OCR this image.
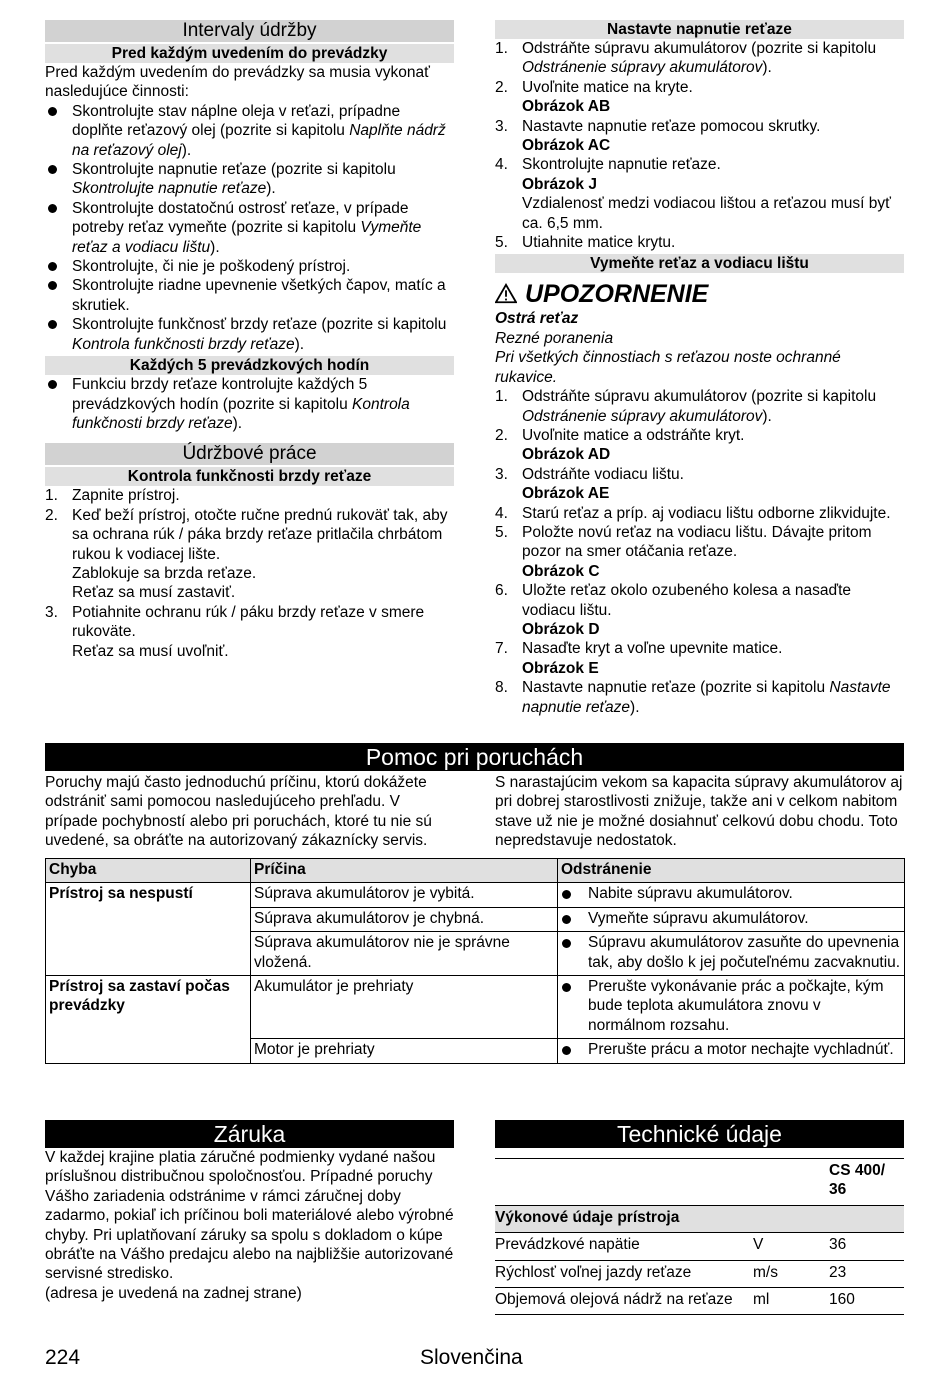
Intervaly údržby
Pred každým uvedením do prevádzky

Pred každým uvedením do prevádzky sa musia vykonať nasledujúce činnosti:

Skontrolujte stav náplne oleja v reťazi, prípadne doplňte reťazový olej (pozrite si kapitolu Naplňte nádrž na reťazový olej).
Skontrolujte napnutie reťaze (pozrite si kapitolu Skontrolujte napnutie reťaze).
Skontrolujte dostatočnú ostrosť reťaze, v prípade potreby reťaz vymeňte (pozrite si kapitolu Vymeňte reťaz a vodiacu lištu).
Skontrolujte, či nie je poškodený prístroj.
Skontrolujte riadne upevnenie všetkých čapov, matíc a skrutiek.
Skontrolujte funkčnosť brzdy reťaze (pozrite si kapitolu Kontrola funkčnosti brzdy reťaze).
Každých 5 prevádzkových hodín
Funkciu brzdy reťaze kontrolujte každých 5 prevádzkových hodín (pozrite si kapitolu Kontrola funkčnosti brzdy reťaze).
Údržbové práce
Kontrola funkčnosti brzdy reťaze
1. Zapnite prístroj.
2. Keď beží prístroj, otočte ručne prednú rukoväť tak, aby sa ochrana rúk / páka brzdy reťaze pritlačila chrbátom rukou k vodiacej lište.
Zablokuje sa brzda reťaze.
Reťaz sa musí zastaviť.
3. Potiahnite ochranu rúk / páku brzdy reťaze v smere rukoväte.
Reťaz sa musí uvoľniť.
Nastavte napnutie reťaze
1. Odstráňte súpravu akumulátorov (pozrite si kapitolu Odstránenie súpravy akumulátorov).
2. Uvoľnite matice na kryte.
Obrázok AB
3. Nastavte napnutie reťaze pomocou skrutky.
Obrázok AC
4. Skontrolujte napnutie reťaze.
Obrázok J
Vzdialenosť medzi vodiacou lištou a reťazou musí byť ca. 6,5 mm.
5. Utiahnite matice krytu.
Vymeňte reťaz a vodiacu lištu
UPOZORNENIE
Ostrá reťaz
Rezné poranenia
Pri všetkých činnostiach s reťazou noste ochranné rukavice.
1. Odstráňte súpravu akumulátorov (pozrite si kapitolu Odstránenie súpravy akumulátorov).
2. Uvoľnite matice a odstráňte kryt.
Obrázok AD
3. Odstráňte vodiacu lištu.
Obrázok AE
4. Starú reťaz a príp. aj vodiacu lištu odborne zlikvidujte.
5. Položte novú reťaz na vodiacu lištu. Dávajte pritom pozor na smer otáčania reťaze.
Obrázok C
6. Uložte reťaz okolo ozubeného kolesa a nasaďte vodiacu lištu.
Obrázok D
7. Nasaďte kryt a voľne upevnite matice.
Obrázok E
8. Nastavte napnutie reťaze (pozrite si kapitolu Nastavte napnutie reťaze).
Pomoc pri poruchách

Poruchy majú často jednoduchú príčinu, ktorú dokážete odstrániť sami pomocou nasledujúceho prehľadu. V prípade pochybností alebo pri poruchách, ktoré tu nie sú uvedené, sa obráťte na autorizovaný zákaznícky servis.

S narastajúcim vekom sa kapacita súpravy akumulátorov aj pri dobrej starostlivosti znižuje, takže ani v celkom nabitom stave už nie je možné dosiahnuť celkovú dobu chodu. Toto nepredstavuje nedostatok.

Chyba	Príčina	Odstránenie
Prístroj sa nespustí	Súprava akumulátorov je vybitá.	Nabite súpravu akumulátorov.
	Súprava akumulátorov je chybná.	Vymeňte súpravu akumulátorov.
	Súprava akumulátorov nie je správne vložená.	Súpravu akumulátorov zasuňte do upevnenia tak, aby došlo k jej počuteľnému zacvaknutiu.
Prístroj sa zastaví počas prevádzky	Akumulátor je prehriaty	Prerušte vykonávanie prác a počkajte, kým bude teplota akumulátora znovu v normálnom rozsahu.
	Motor je prehriaty	Prerušte prácu a motor nechajte vychladnúť.
Záruka

V každej krajine platia záručné podmienky vydané našou príslušnou distribučnou spoločnosťou. Prípadné poruchy Vášho zariadenia odstránime v rámci záručnej doby zadarmo, pokiaľ ich príčinou boli materiálové alebo výrobné chyby. Pri uplatňovaní záruky sa spolu s dokladom o kúpe obráťte na Vášho predajcu alebo na najbližšie autorizované servisné stredisko.

(adresa je uvedená na zadnej strane)

Technické údaje
		CS 400/ 36
Výkonové údaje prístroja		
Prevádzkové napätie	V	36
Rýchlosť voľnej jazdy reťaze	m/s	23
Objemová olejová nádrž na reťaze	ml	160
224	Slovenčina
